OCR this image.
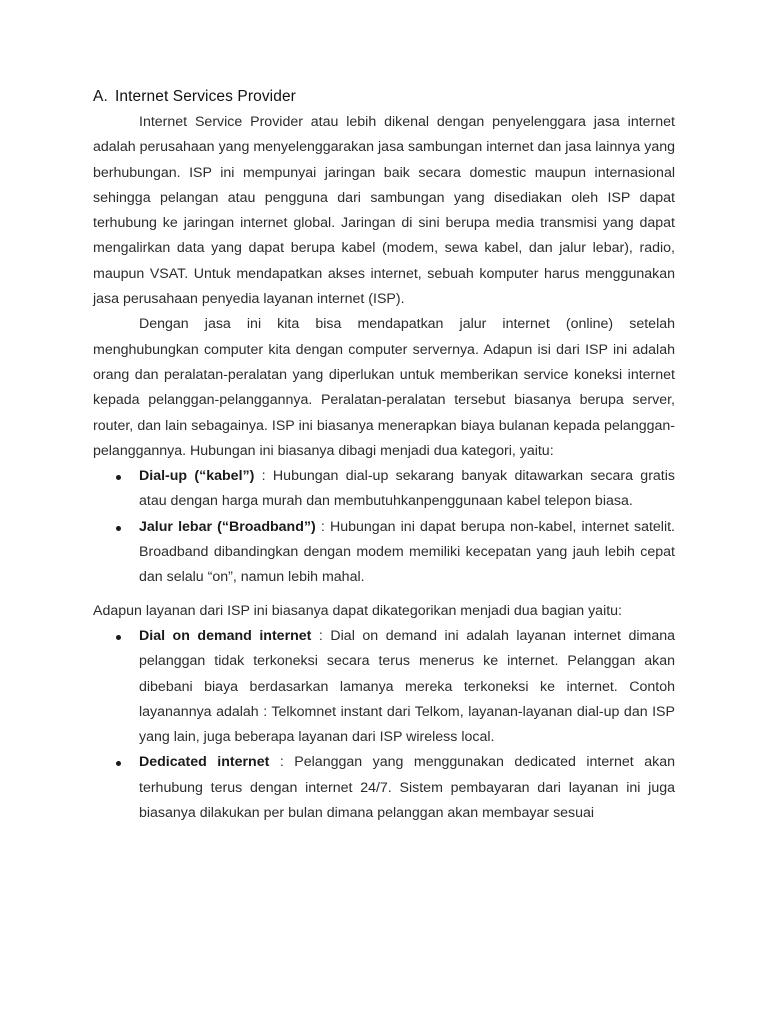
A. Internet Services Provider

Internet Service Provider atau lebih dikenal dengan penyelenggara jasa internet adalah perusahaan yang menyelenggarakan jasa sambungan internet dan jasa lainnya yang berhubungan. ISP ini mempunyai jaringan baik secara domestic maupun internasional sehingga pelangan atau pengguna dari sambungan yang disediakan oleh ISP dapat terhubung ke jaringan internet global. Jaringan di sini berupa media transmisi yang dapat mengalirkan data yang dapat berupa kabel (modem, sewa kabel, dan jalur lebar), radio, maupun VSAT. Untuk mendapatkan akses internet, sebuah komputer harus menggunakan jasa perusahaan penyedia layanan internet (ISP).

Dengan jasa ini kita bisa mendapatkan jalur internet (online) setelah menghubungkan computer kita dengan computer servernya. Adapun isi dari ISP ini adalah orang dan peralatan-peralatan yang diperlukan untuk memberikan service koneksi internet kepada pelanggan-pelanggannya. Peralatan-peralatan tersebut biasanya berupa server, router, dan lain sebagainya. ISP ini biasanya menerapkan biaya bulanan kepada pelanggan-pelanggannya. Hubungan ini biasanya dibagi menjadi dua kategori, yaitu:

Dial-up (“kabel”) : Hubungan dial-up sekarang banyak ditawarkan secara gratis atau dengan harga murah dan membutuhkanpenggunaan kabel telepon biasa.
Jalur lebar (“Broadband”) : Hubungan ini dapat berupa non-kabel, internet satelit. Broadband dibandingkan dengan modem memiliki kecepatan yang jauh lebih cepat dan selalu “on”, namun lebih mahal.

Adapun layanan dari ISP ini biasanya dapat dikategorikan menjadi dua bagian yaitu:

Dial on demand internet : Dial on demand ini adalah layanan internet dimana pelanggan tidak terkoneksi secara terus menerus ke internet. Pelanggan akan dibebani biaya berdasarkan lamanya mereka terkoneksi ke internet. Contoh layanannya adalah : Telkomnet instant dari Telkom, layanan-layanan dial-up dan ISP yang lain, juga beberapa layanan dari ISP wireless local.
Dedicated internet : Pelanggan yang menggunakan dedicated internet akan terhubung terus dengan internet 24/7. Sistem pembayaran dari layanan ini juga biasanya dilakukan per bulan dimana pelanggan akan membayar sesuai
